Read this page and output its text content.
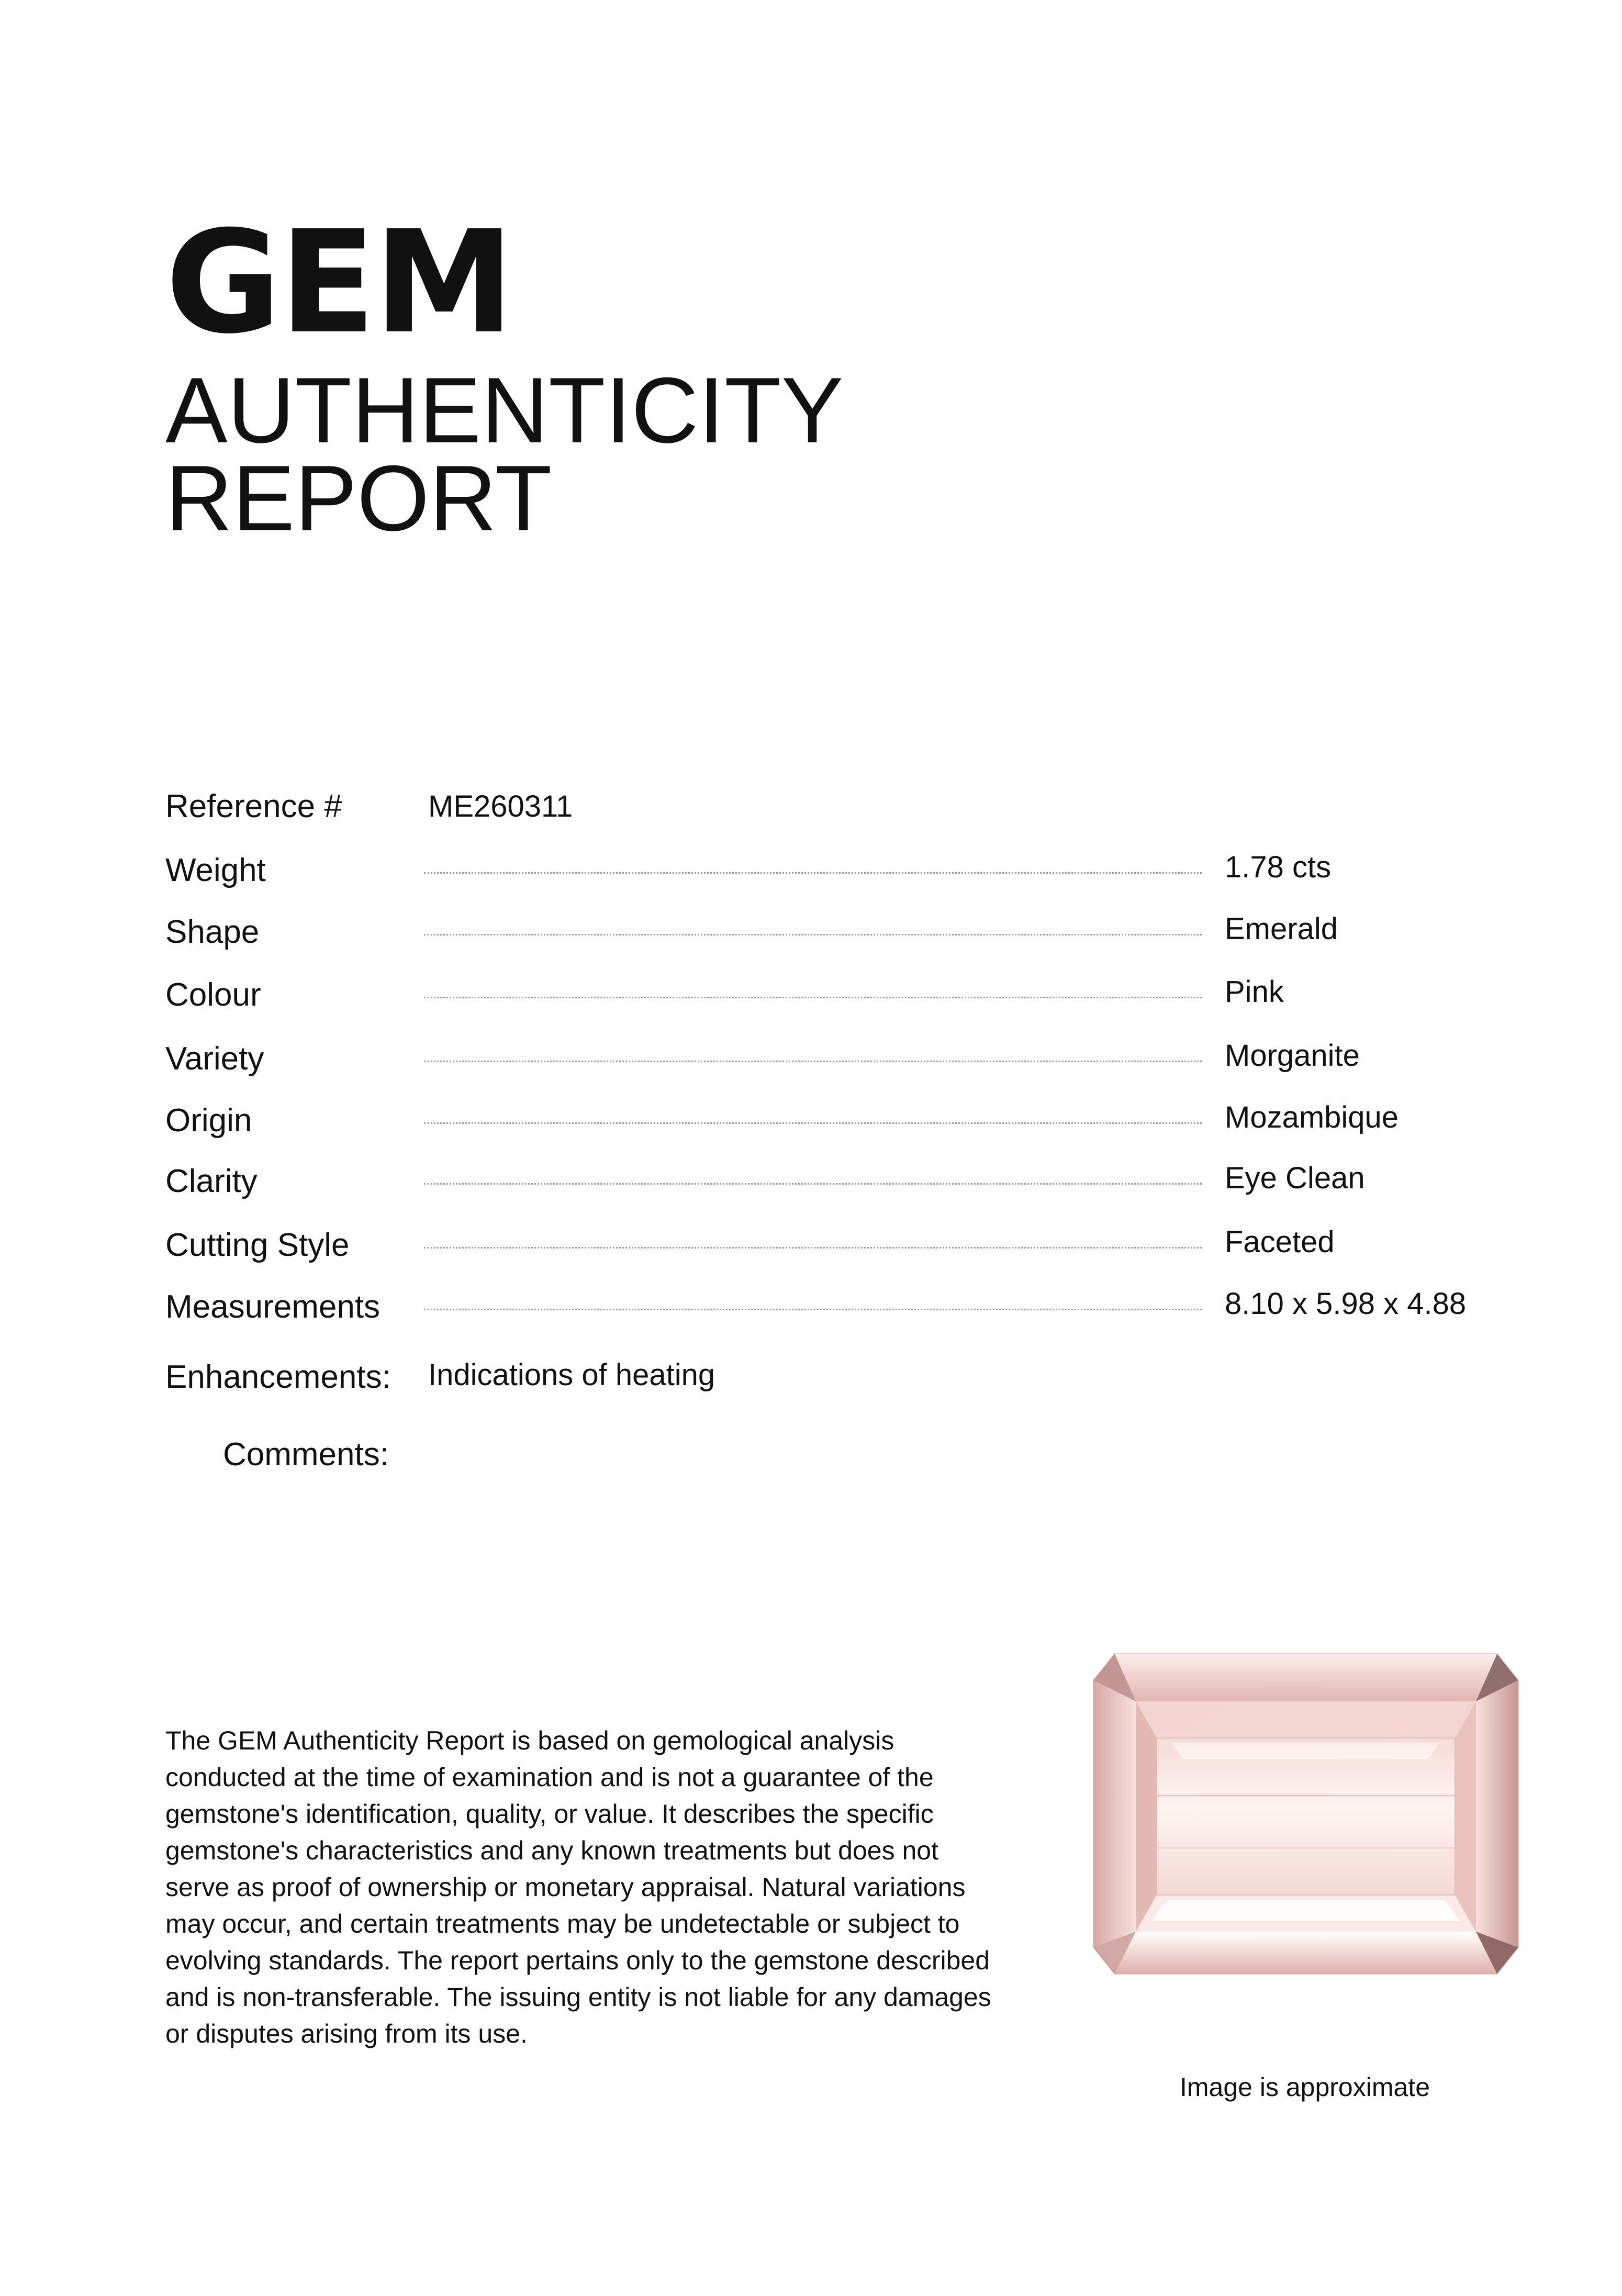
GEM
AUTHENTICITY
REPORT
Reference #	ME260311
Weight	1.78 cts
Shape	Emerald
Colour	Pink
Variety	Morganite
Origin	Mozambique
Clarity	Eye Clean
Cutting Style	Faceted
Measurements	8.10 x 5.98 x 4.88
Enhancements: Indications of heating
Comments:

The GEM Authenticity Report is based on gemological analysis conducted at the time of examination and is not a guarantee of the gemstone's identification, quality, or value. It describes the specific gemstone's characteristics and any known treatments but does not serve as proof of ownership or monetary appraisal. Natural variations may occur, and certain treatments may be undetectable or subject to evolving standards. The report pertains only to the gemstone described and is non-transferable. The issuing entity is not liable for any damages or disputes arising from its use.

Image is approximate
